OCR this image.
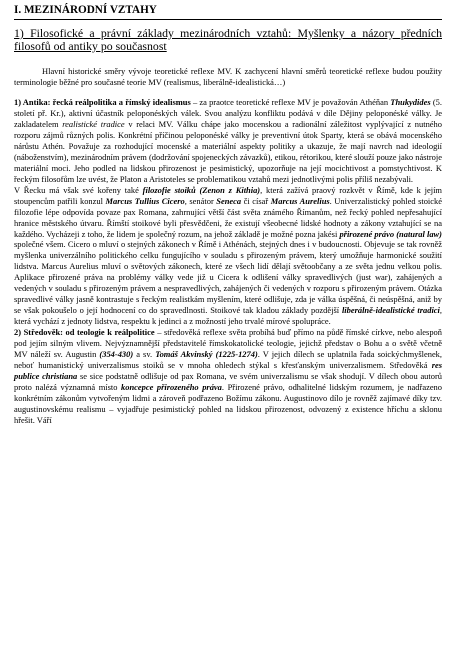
I. MEZINÁRODNÍ VZTAHY
1) Filosofické a právní základy mezinárodních vztahů: Myšlenky a názory předních filosofů od antiky po současnost

Hlavní historické směry vývoje teoretické reflexe MV. K zachycení hlavní směrů teoretické reflexe budou použity terminologie běžné pro současné teorie MV (realismus, liberálně-idealistická…)

1) Antika: řecká reálpolitika a římský idealismus – za praotce teoretické reflexe MV je považován Athéňan Thukydides (5. století př. Kr.), aktivní účastník peloponéských válek. Svou analýzu konfliktu podává v díle Dějiny peloponéské války. Je zakladatelem realistické tradice v relaci MV. Válku chápe jako mocenskou a radionální záležitost vyplývající z nutného rozporu zájmů různých polis. Konkrétní příčinou peloponéské války je preventivní útok Sparty, která se obává mocenského nárůstu Athén. Považuje za rozhodující mocenské a materiální aspekty politiky a ukazuje, že mají navrch nad ideologií (náboženstvím), mezinárodním právem (dodržování spojeneckých závazků), etikou, rétorikou, které slouží pouze jako nástroje materiální moci. Jeho podled na lidskou přirozenost je pesimistický, upozorňuje na její mocichtivost a pomstychtivost. K řeckým filosofům lze uvést, že Platon a Aristoteles se problematikou vztahů mezi jednotlivými polis příliš nezabývali.

V Řecku má však své kořeny také filozofie stoiků (Zenon z Kithia), která zažívá praový rozkvět v Římě, kde k jejím stoupencům patřili konzul Marcus Tullius Cicero, senátor Seneca či císař Marcus Aurelius. Univerzalistický pohled stoické filozofie lépe odpovída povaze pax Romana, zahrnující větší část světa známého Římanům, než řecký pohled nepřesahující hranice městského útvaru. Římští stoikové byli přesvědčeni, že existují všeobecné lidské hodnoty a zákony vztahující se na každého. Vycházeji z toho, že lidem je společný rozum, na jehož základě je možné pozna jakési přirozené právo (natural law) společné všem. Cicero o mluví o stejných zákonech v Římě i Athénách, stejných dnes i v budoucnosti. Objevuje se tak rovněž myšlenka univerzálního politického celku fungujícího v souladu s přirozeným právem, který umožňuje harmonické soužití lidstva. Marcus Aurelius mluví o světových zákonech, které ze všech lidí dělají světoobčany a ze světa jednu velkou polis. Aplikace přirozené práva na problémy války vede již u Cicera k odlišení války spravedlivých (just war), zahájených a vedených v souladu s přirozeným právem a nespravedlivých, zahájených či vedených v rozporu s přirozeným právem. Otázka spravedlivé války jasně kontrastuje s řeckým realistkám myšlením, které odlišuje, zda je válka úspěšná, či neúspěšná, aniž by se však pokoušelo o její hodnocení co do spravedlnosti. Stoikové tak kladou základy pozdější liberálně-idealistické tradici, která vychází z jednoty lidstva, respektu k jedinci a z možností jeho trvalé mírové spolupráce.

2) Středověk: od teologie k reálpolitice – středověká reflexe světa probíhá buď přímo na půdě římské církve, nebo alespoň pod jejím silným vlivem. Nejvýznamnější představitelé římskokatolické teologie, jejichž představ o Bohu a o světě včetně MV náleží sv. Augustin (354-430) a sv. Tomáš Akvinský (1225-1274). V jejich dílech se uplatnila řada soickýchmyšlenek, neboť humanistický univerzalismus stoiků se v mnoha ohledech stýkal s křesťanským univerzalismem. Středověká res publice christiana se sice podstatně odlišuje od pax Romana, ve svém univerzalismu se však shodují. V dílech obou autorů proto nalézá významná místo koncepce přirozeného práva. Přirozené právo, odhalitelné lidským rozumem, je nadřazeno konkrétním zákonům vytvořeným lidmi a zároveň podřazeno Božímu zákonu. Augustinovo dílo je rovněž zajímavé díky tzv. augustinovskému realismu – vyjadřuje pesimistický pohled na lidskou přirozenost, odvozený z existence hříchu a sklonu hřešit. Váří
